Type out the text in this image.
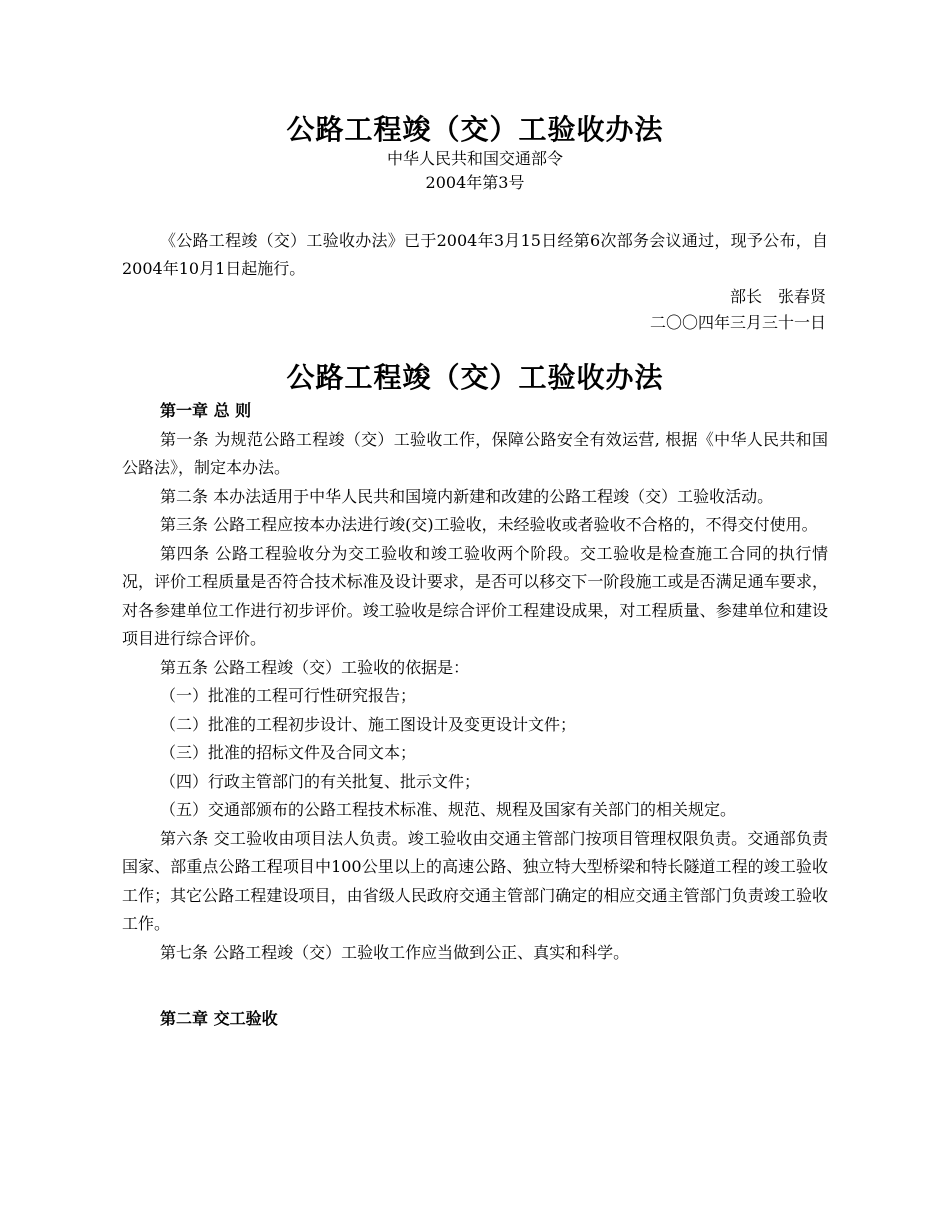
公路工程竣（交）工验收办法
中华人民共和国交通部令
2004年第3号

《公路工程竣（交）工验收办法》已于2004年3月15日经第6次部务会议通过，现予公布，自2004年10月1日起施行。

部长　张春贤
二〇〇四年三月三十一日
公路工程竣（交）工验收办法

第一章 总 则

第一条 为规范公路工程竣（交）工验收工作，保障公路安全有效运营, 根据《中华人民共和国公路法》，制定本办法。

第二条 本办法适用于中华人民共和国境内新建和改建的公路工程竣（交）工验收活动。

第三条 公路工程应按本办法进行竣(交)工验收，未经验收或者验收不合格的，不得交付使用。

第四条 公路工程验收分为交工验收和竣工验收两个阶段。交工验收是检查施工合同的执行情况，评价工程质量是否符合技术标准及设计要求，是否可以移交下一阶段施工或是否满足通车要求，对各参建单位工作进行初步评价。竣工验收是综合评价工程建设成果，对工程质量、参建单位和建设项目进行综合评价。

第五条 公路工程竣（交）工验收的依据是：

（一）批准的工程可行性研究报告；

（二）批准的工程初步设计、施工图设计及变更设计文件；

（三）批准的招标文件及合同文本；

（四）行政主管部门的有关批复、批示文件；

（五）交通部颁布的公路工程技术标准、规范、规程及国家有关部门的相关规定。

第六条 交工验收由项目法人负责。竣工验收由交通主管部门按项目管理权限负责。交通部负责国家、部重点公路工程项目中100公里以上的高速公路、独立特大型桥梁和特长隧道工程的竣工验收工作；其它公路工程建设项目，由省级人民政府交通主管部门确定的相应交通主管部门负责竣工验收工作。

第七条 公路工程竣（交）工验收工作应当做到公正、真实和科学。

第二章 交工验收
